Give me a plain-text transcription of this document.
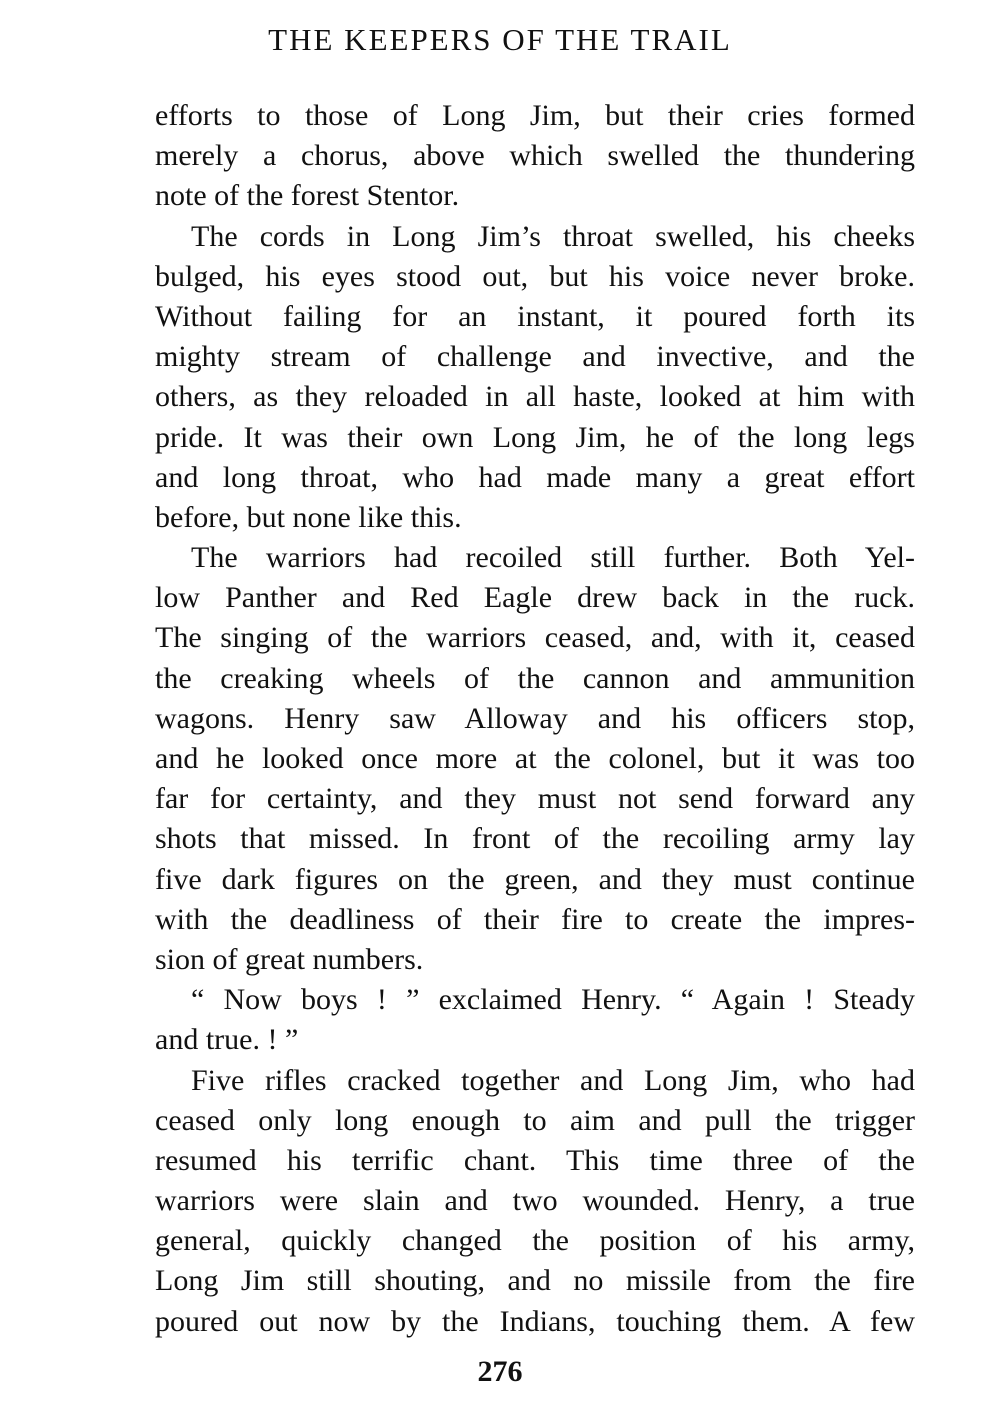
THE KEEPERS OF THE TRAIL
efforts to those of Long Jim, but their cries formed
merely a chorus, above which swelled the thundering
note of the forest Stentor.
The cords in Long Jim’s throat swelled, his cheeks
bulged, his eyes stood out, but his voice never broke.
Without failing for an instant, it poured forth its
mighty stream of challenge and invective, and the
others, as they reloaded in all haste, looked at him with
pride. It was their own Long Jim, he of the long legs
and long throat, who had made many a great effort
before, but none like this.
The warriors had recoiled still further. Both Yel-
low Panther and Red Eagle drew back in the ruck.
The singing of the warriors ceased, and, with it, ceased
the creaking wheels of the cannon and ammunition
wagons. Henry saw Alloway and his officers stop,
and he looked once more at the colonel, but it was too
far for certainty, and they must not send forward any
shots that missed. In front of the recoiling army lay
five dark figures on the green, and they must continue
with the deadliness of their fire to create the impres-
sion of great numbers.
“ Now boys ! ” exclaimed Henry. “ Again ! Steady
and true. ! ”
Five rifles cracked together and Long Jim, who had
ceased only long enough to aim and pull the trigger
resumed his terrific chant. This time three of the
warriors were slain and two wounded. Henry, a true
general, quickly changed the position of his army,
Long Jim still shouting, and no missile from the fire
poured out now by the Indians, touching them. A few
276
